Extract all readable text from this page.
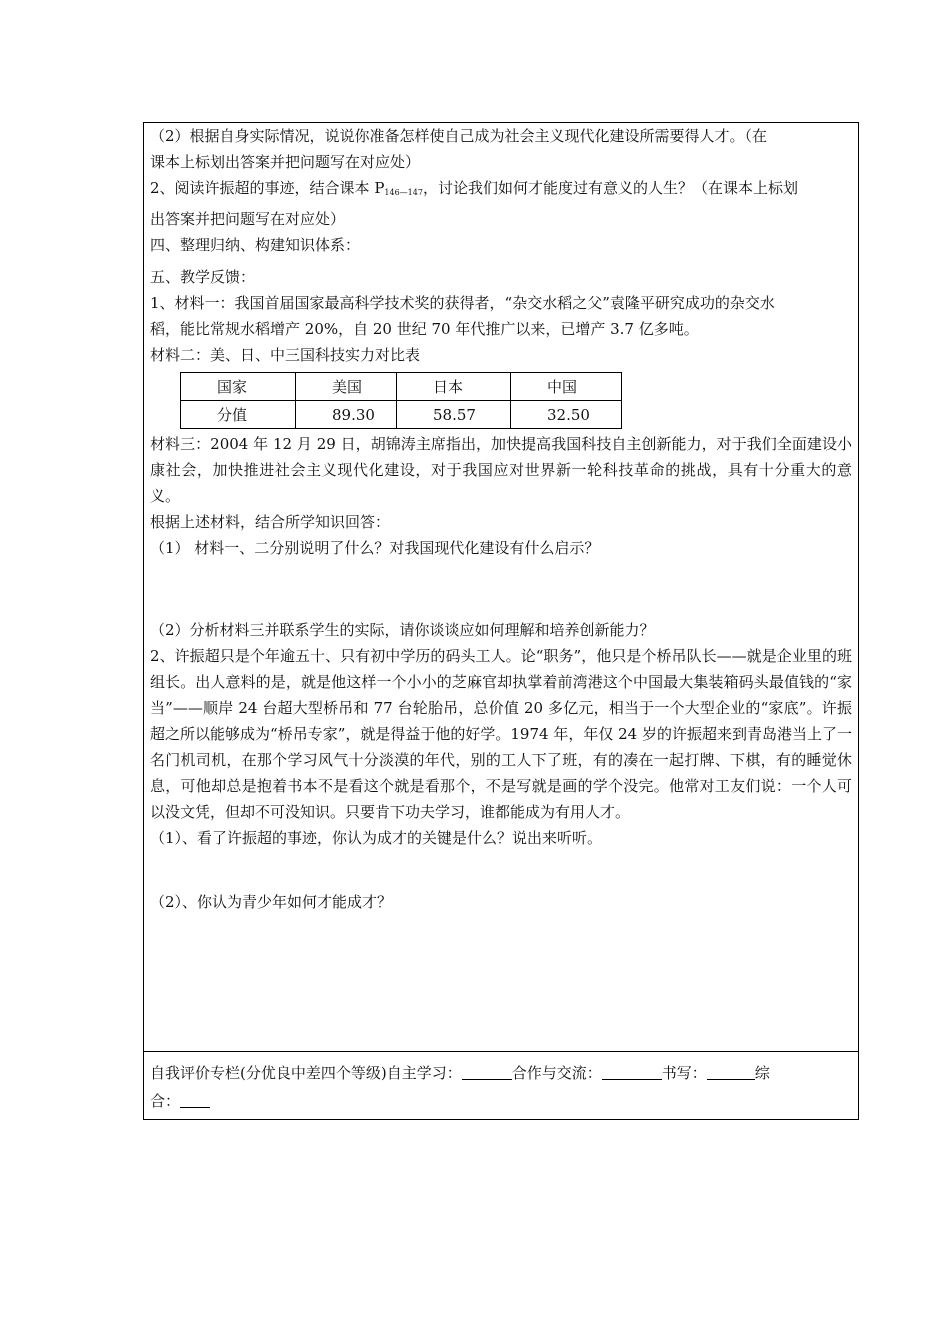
（2）根据自身实际情况，说说你准备怎样使自己成为社会主义现代化建设所需要得人才。（在
课本上标划出答案并把问题写在对应处）
2、阅读许振超的事迹，结合课本 $P_{146—147}$，讨论我们如何才能度过有意义的人生？（在课本上标划
出答案并把问题写在对应处）
四、整理归纳、构建知识体系：
五、教学反馈：
1、材料一：我国首届国家最高科学技术奖的获得者，“杂交水稻之父”袁隆平研究成功的杂交水
稻，能比常规水稻增产 20%，自 20 世纪 70 年代推广以来，已增产 3.7 亿多吨。
材料二：美、日、中三国科技实力对比表
国家	美国	日本	中国
分值	89.30	58.57	32.50

材料三：2004 年 12 月 29 日，胡锦涛主席指出，加快提高我国科技自主创新能力，对于我们全面建设小康社会，加快推进社会主义现代化建设，对于我国应对世界新一轮科技革命的挑战，具有十分重大的意义。

根据上述材料，结合所学知识回答：
（1） 材料一、二分别说明了什么？对我国现代化建设有什么启示？
（2）分析材料三并联系学生的实际，请你谈谈应如何理解和培养创新能力？

2、许振超只是个年逾五十、只有初中学历的码头工人。论“职务”，他只是个桥吊队长——就是企业里的班组长。出人意料的是，就是他这样一个小小的芝麻官却执掌着前湾港这个中国最大集装箱码头最值钱的“家当”——顺岸 24 台超大型桥吊和 77 台轮胎吊，总价值 20 多亿元，相当于一个大型企业的“家底”。许振超之所以能够成为“桥吊专家”，就是得益于他的好学。1974 年，年仅 24 岁的许振超来到青岛港当上了一名门机司机，在那个学习风气十分淡漠的年代，别的工人下了班，有的凑在一起打牌、下棋，有的睡觉休息，可他却总是抱着书本不是看这个就是看那个，不是写就是画的学个没完。他常对工友们说：一个人可以没文凭，但却不可没知识。只要肯下功夫学习，谁都能成为有用人才。

（1）、看了许振超的事迹，你认为成才的关键是什么？说出来听听。
（2）、你认为青少年如何才能成才？
自我评价专栏(分优良中差四个等级)自主学习：	合作与交流：	书写：	综
合：
